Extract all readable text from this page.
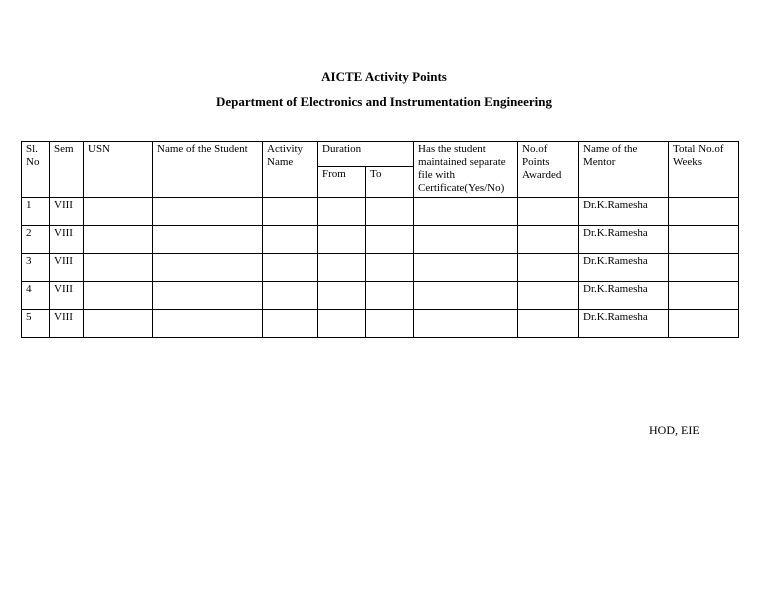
AICTE Activity Points
Department of Electronics and Instrumentation Engineering
Sl. No	Sem	USN	Name of the Student	Activity Name	Duration		Has the student maintained separate file with Certificate(Yes/No)	No.of Points Awarded	Name of the Mentor	Total No.of Weeks
					From	To				
1	VIII								Dr.K.Ramesha	
2	VIII								Dr.K.Ramesha	
3	VIII								Dr.K.Ramesha	
4	VIII								Dr.K.Ramesha	
5	VIII								Dr.K.Ramesha	
HOD, EIE
